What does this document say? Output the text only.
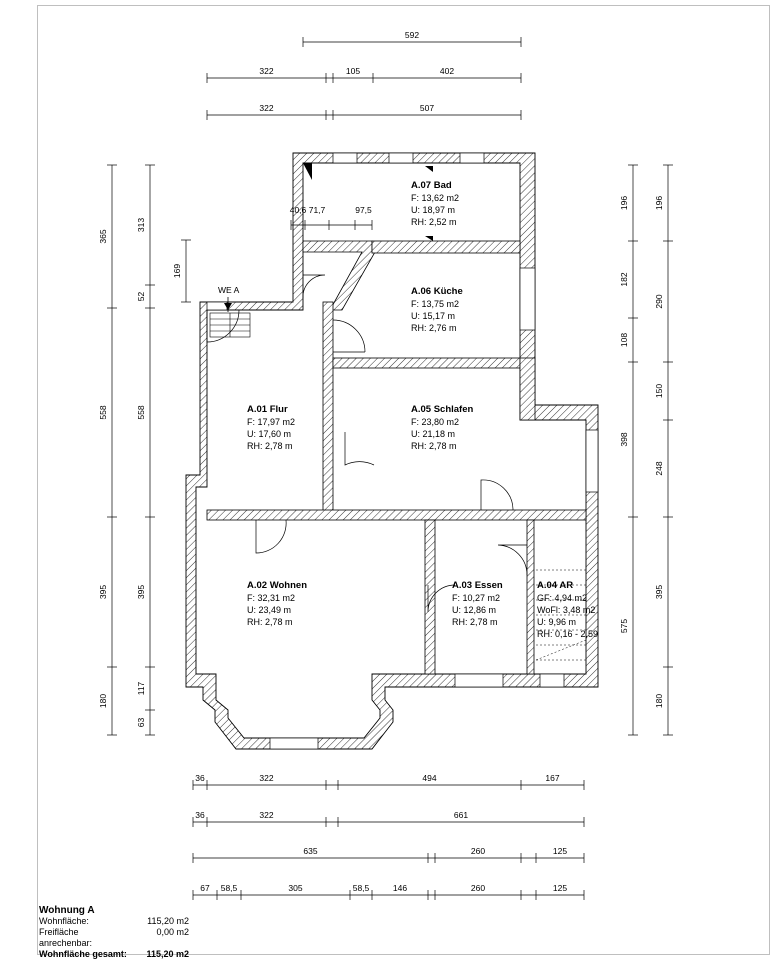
592
322	105	402
322	507
40,6 71,7	97,5
36	322	494	167
36	322	661
635	260	125
67 58,5	305	58,5	146	260	125
365
558
395
180
313
52
558
395
117
63
169
196
182
108
398
575
196
290
150
248
395
180
WE A
A.07 Bad
F: 13,62 m2
U: 18,97 m
RH: 2,52 m
A.06 Küche
F: 13,75 m2
U: 15,17 m
RH: 2,76 m
A.01 Flur
F: 17,97 m2
U: 17,60 m
RH: 2,78 m
A.05 Schlafen
F: 23,80 m2
U: 21,18 m
RH: 2,78 m
A.02 Wohnen
F: 32,31 m2
U: 23,49 m
RH: 2,78 m
A.03 Essen
F: 10,27 m2
U: 12,86 m
RH: 2,78 m
A.04 AR
GF: 4,94 m2
WoFl: 3,48 m2
U: 9,96 m
RH: 0,16 - 2,59
Wohnung A
Wohnfläche:	115,20 m2
Freifläche anrechenbar:
0,00 m2
Wohnfläche gesamt:	115,20 m2
